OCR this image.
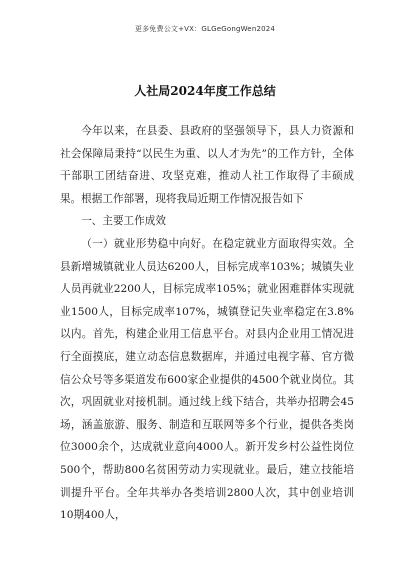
更多免费公文+VX：GLGeGongWen2024
人社局2024年度工作总结

今年以来，在县委、县政府的坚强领导下，县人力资源和社会保障局秉持“以民生为重、以人才为先”的工作方针，全体干部职工团结奋进、攻坚克难，推动人社工作取得了丰硕成果。根据工作部署，现将我局近期工作情况报告如下

一、主要工作成效

（一）就业形势稳中向好。在稳定就业方面取得实效。全县新增城镇就业人员达6200人，目标完成率103%；城镇失业人员再就业2200人，目标完成率105%；就业困难群体实现就业1500人，目标完成率107%，城镇登记失业率稳定在3.8%以内。首先，构建企业用工信息平台。对县内企业用工情况进行全面摸底，建立动态信息数据库，并通过电视字幕、官方微信公众号等多渠道发布600家企业提供的4500个就业岗位。其次，巩固就业对接机制。通过线上线下结合，共举办招聘会45场，涵盖旅游、服务、制造和互联网等多个行业，提供各类岗位3000余个，达成就业意向4000人。新开发乡村公益性岗位500个，帮助800名贫困劳动力实现就业。最后，建立技能培训提升平台。全年共举办各类培训2800人次，其中创业培训10期400人，
